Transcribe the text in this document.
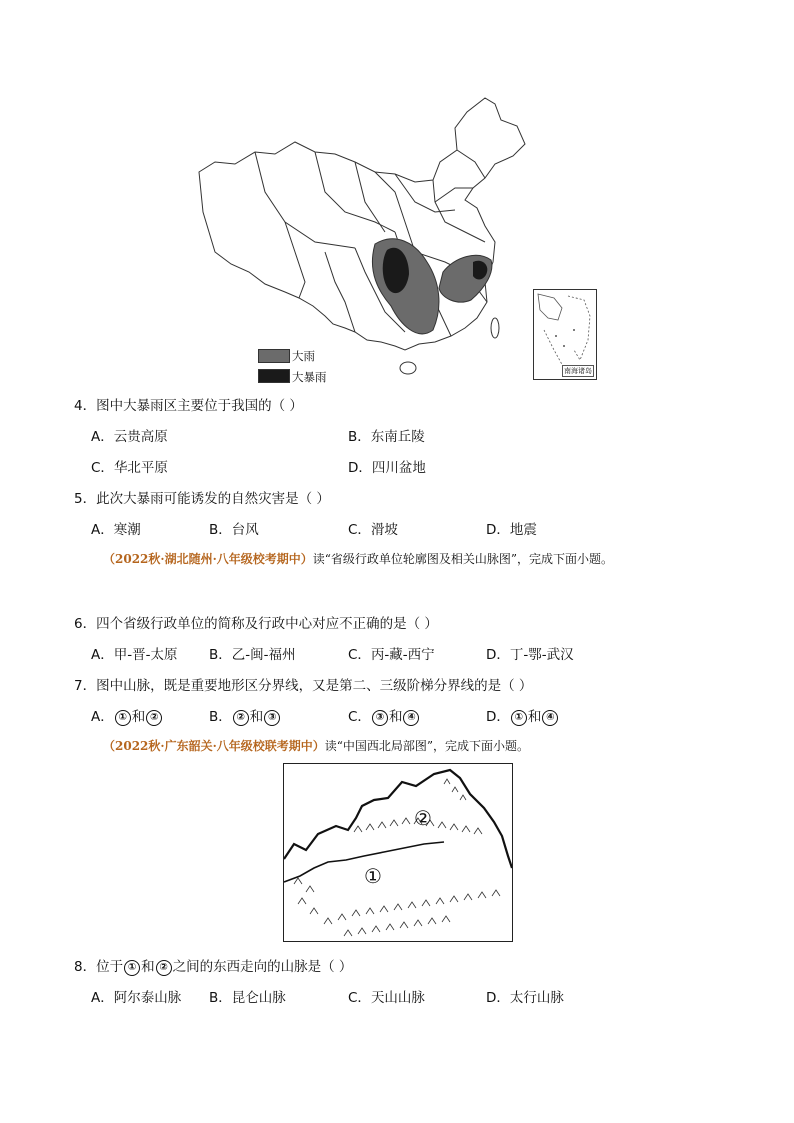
大雨
大暴雨	南海诸岛
4．图中大暴雨区主要位于我国的（ ）
A．云贵高原	B．东南丘陵
C．华北平原	D．四川盆地
5．此次大暴雨可能诱发的自然灾害是（ ）
A．寒潮	B．台风	C．滑坡	D．地震
（2022秋·湖北随州·八年级校考期中）读“省级行政单位轮廓图及相关山脉图”，完成下面小题。
6．四个省级行政单位的简称及行政中心对应不正确的是（ ）
A．甲-晋-太原 B．乙-闽-福州	C．丙-藏-西宁	D．丁-鄂-武汉
7．图中山脉，既是重要地形区分界线，又是第二、三级阶梯分界线的是（ ）
A． ① 和 ②	B． ② 和 ③	C． ③ 和 ④	D． ① 和 ④
（2022秋·广东韶关·八年级校联考期中）读“中国西北局部图”，完成下面小题。
①
②
8．位于 ① 和 ② 之间的东西走向的山脉是（ ）
A．阿尔泰山脉 B．昆仑山脉	C．天山山脉	D．太行山脉
